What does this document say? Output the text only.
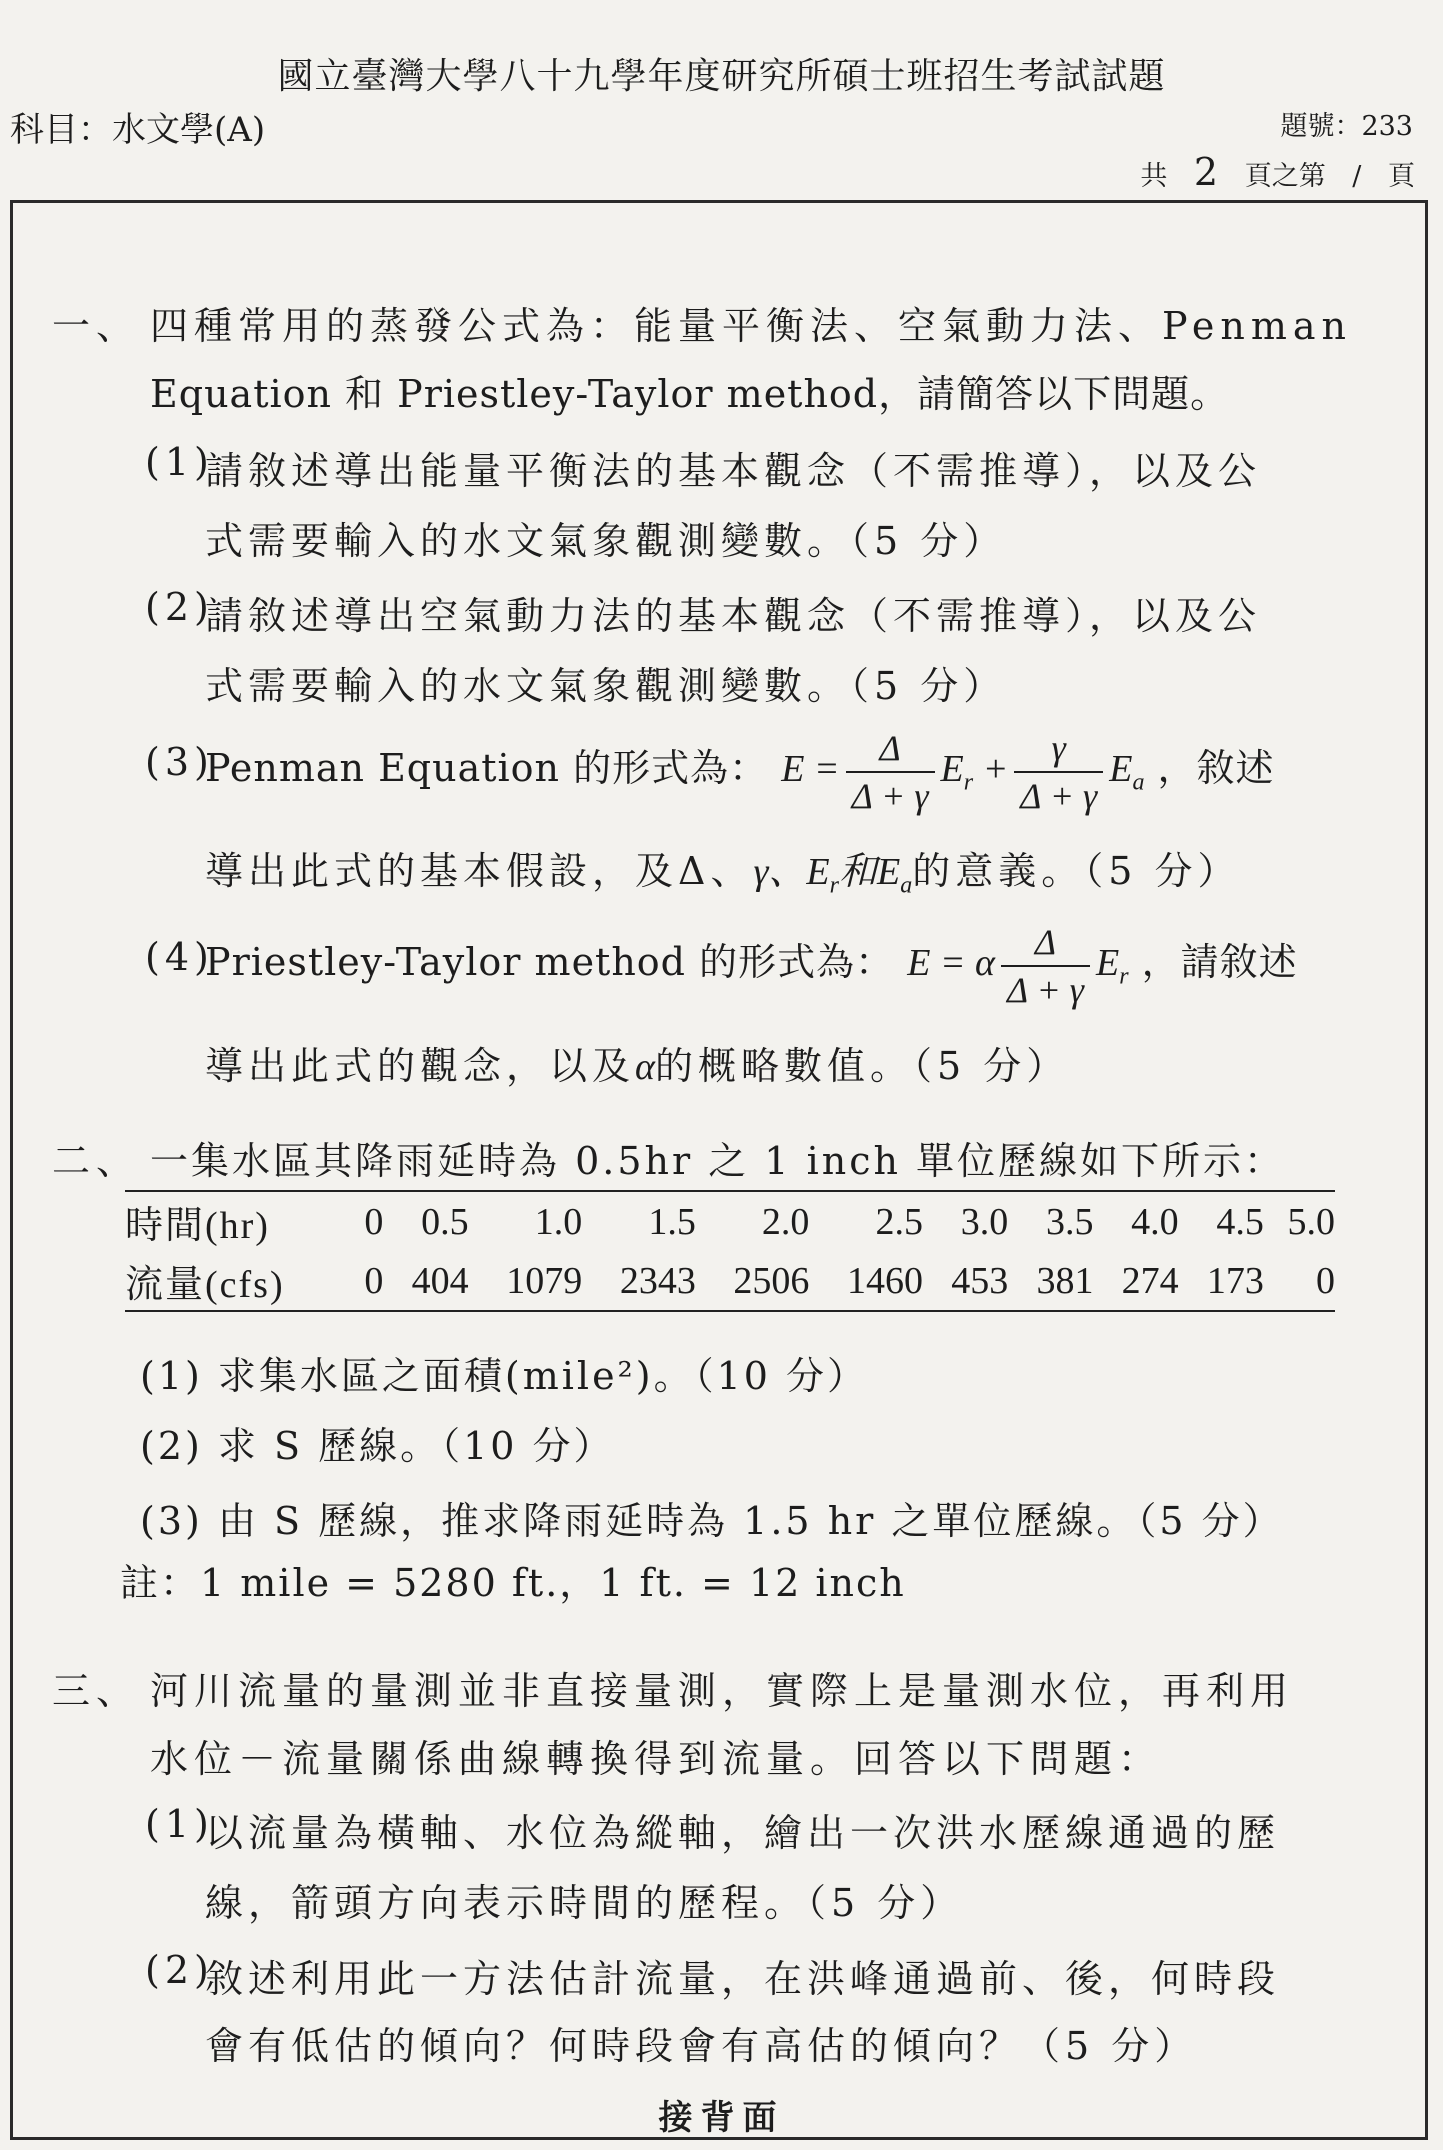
國立臺灣大學八十九學年度研究所碩士班招生考試試題
科目：水文學(A)	題號：233
共 2 頁之第 / 頁
一、 四種常用的蒸發公式為：能量平衡法、空氣動力法、Penman
Equation 和 Priestley-Taylor method，請簡答以下問題。
(1)
請敘述導出能量平衡法的基本觀念（不需推導），以及公
式需要輸入的水文氣象觀測變數。（5 分）
(2)
請敘述導出空氣動力法的基本觀念（不需推導），以及公
式需要輸入的水文氣象觀測變數。（5 分）
(3)
Penman Equation 的形式為： $E = \frac{\Delta}{\Delta + \gamma} E_r + \frac{\gamma}{\Delta + \gamma} E_a$ ，敘述
導出此式的基本假設，及Δ、γ、$E_r$和$E_a$的意義。（5 分）
(4)
Priestley-Taylor method 的形式為： E = α $\frac{\Delta}{\Delta + \gamma} E_r$ ，請敘述
導出此式的觀念，以及α的概略數值。（5 分）
二、 一集水區其降雨延時為 0.5hr 之 1 inch 單位歷線如下所示：
時間(hr)	0	0.5	1.0	1.5	2.0	2.5	3.0	3.5	4.0	4.5	5.0
流量(cfs)	0	404	1079	2343	2506	1460	453	381	274	173	0
(1) 求集水區之面積(mile²)。（10 分）
(2) 求 S 歷線。（10 分）
(3) 由 S 歷線，推求降雨延時為 1.5 hr 之單位歷線。（5 分）
註：1 mile = 5280 ft.，1 ft. = 12 inch
三、 河川流量的量測並非直接量測，實際上是量測水位，再利用
水位－流量關係曲線轉換得到流量。回答以下問題：
(1)
以流量為橫軸、水位為縱軸，繪出一次洪水歷線通過的歷
線，箭頭方向表示時間的歷程。（5 分）
(2)
敘述利用此一方法估計流量，在洪峰通過前、後，何時段
會有低估的傾向？何時段會有高估的傾向？（5 分）
接背面
